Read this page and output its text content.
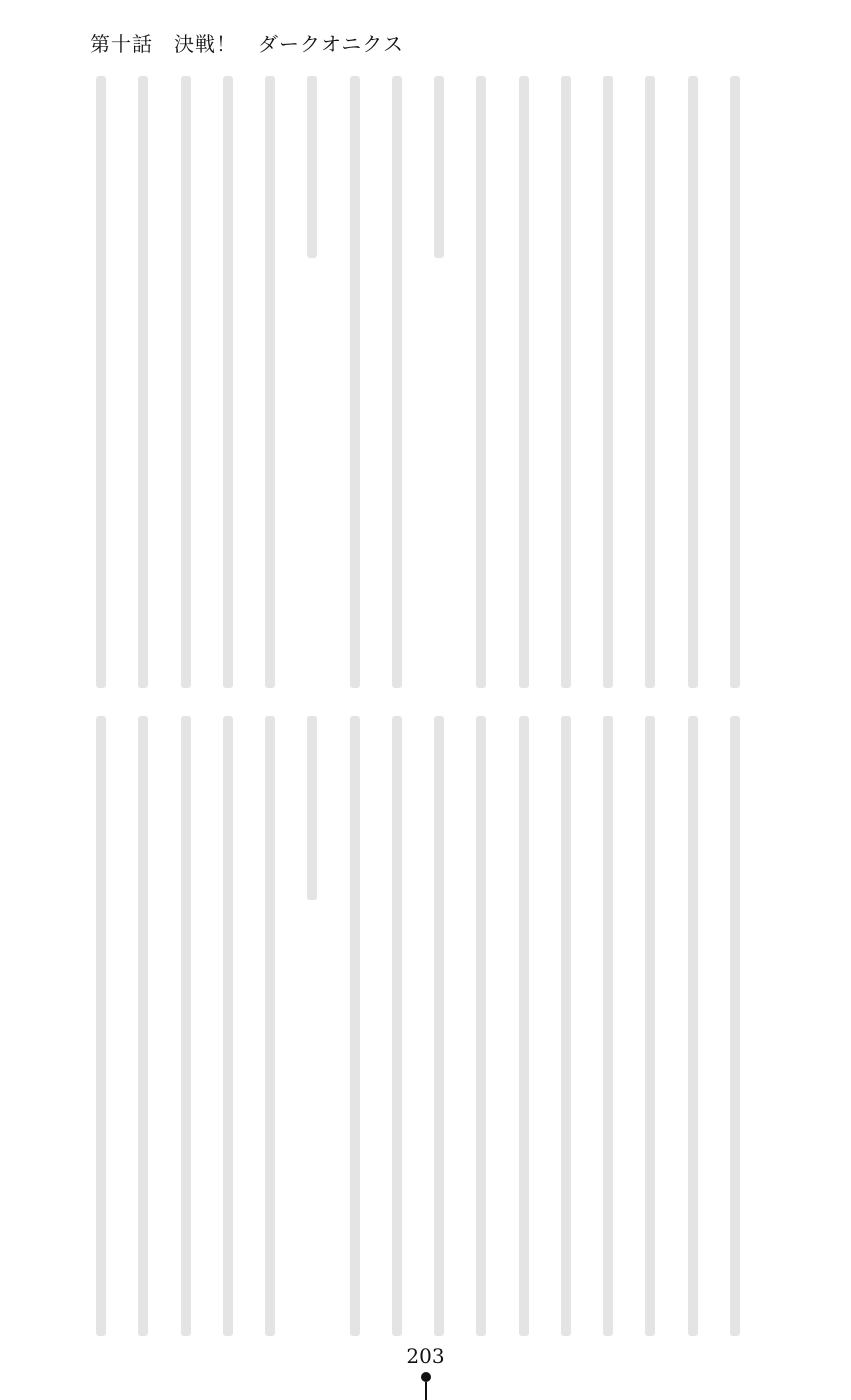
第十話　決戦！　ダークオニクス
203
